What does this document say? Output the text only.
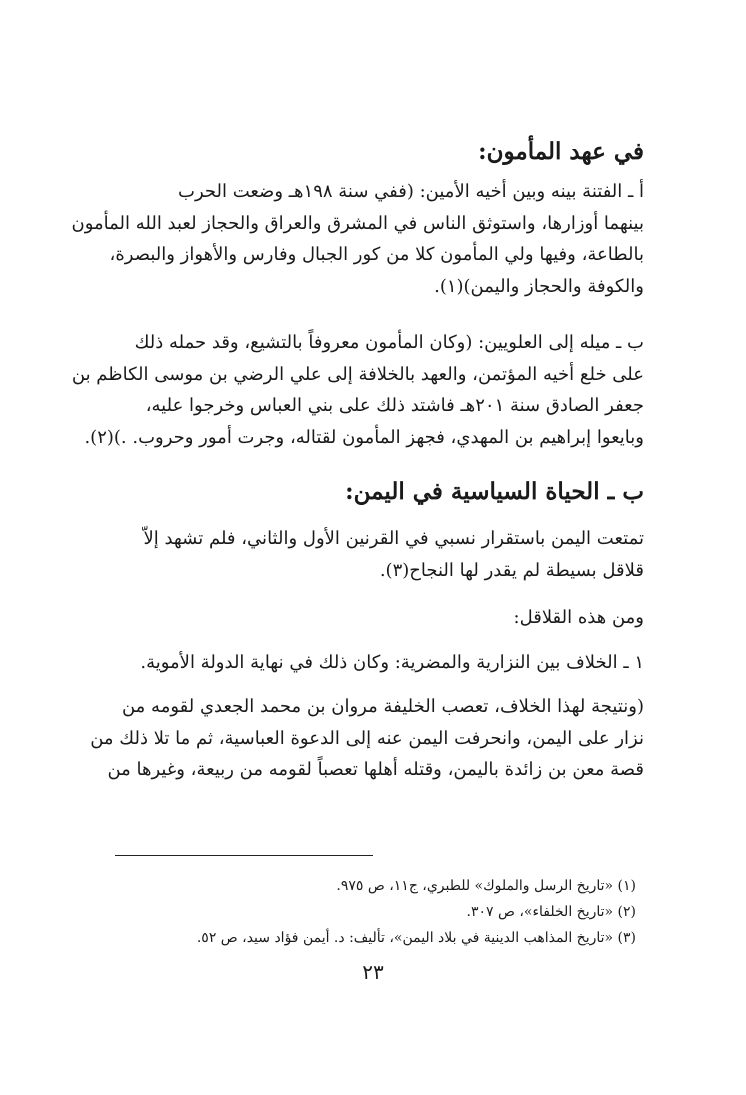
في عهد المأمون:
أ ـ الفتنة بينه وبين أخيه الأمين: (ففي سنة ١٩٨هـ وضعت الحرب
بينهما أوزارها، واستوثق الناس في المشرق والعراق والحجاز لعبد الله المأمون
بالطاعة، وفيها ولي المأمون كلا من كور الجبال وفارس والأهواز والبصرة،
والكوفة والحجاز واليمن)(١).
ب ـ ميله إلى العلويين: (وكان المأمون معروفاً بالتشيع، وقد حمله ذلك
على خلع أخيه المؤتمن، والعهد بالخلافة إلى علي الرضي بن موسى الكاظم بن
جعفر الصادق سنة ٢٠١هـ فاشتد ذلك على بني العباس وخرجوا عليه،
وبايعوا إبراهيم بن المهدي، فجهز المأمون لقتاله، وجرت أمور وحروب. .)(٢).
ب ـ الحياة السياسية في اليمن:
تمتعت اليمن باستقرار نسبي في القرنين الأول والثاني، فلم تشهد إلاّ
قلاقل بسيطة لم يقدر لها النجاح(٣).
ومن هذه القلاقل:
١ ـ الخلاف بين النزارية والمضرية: وكان ذلك في نهاية الدولة الأموية.
(ونتيجة لهذا الخلاف، تعصب الخليفة مروان بن محمد الجعدي لقومه من
نزار على اليمن، وانحرفت اليمن عنه إلى الدعوة العباسية، ثم ما تلا ذلك من
قصة معن بن زائدة باليمن، وقتله أهلها تعصباً لقومه من ربيعة، وغيرها من
(١) «تاريخ الرسل والملوك» للطبري، ج١١، ص ٩٧٥.
(٢) «تاريخ الخلفاء»، ص ٣٠٧.
(٣) «تاريخ المذاهب الدينية في بلاد اليمن»، تأليف: د. أيمن فؤاد سيد، ص ٥٢.
٢٣
